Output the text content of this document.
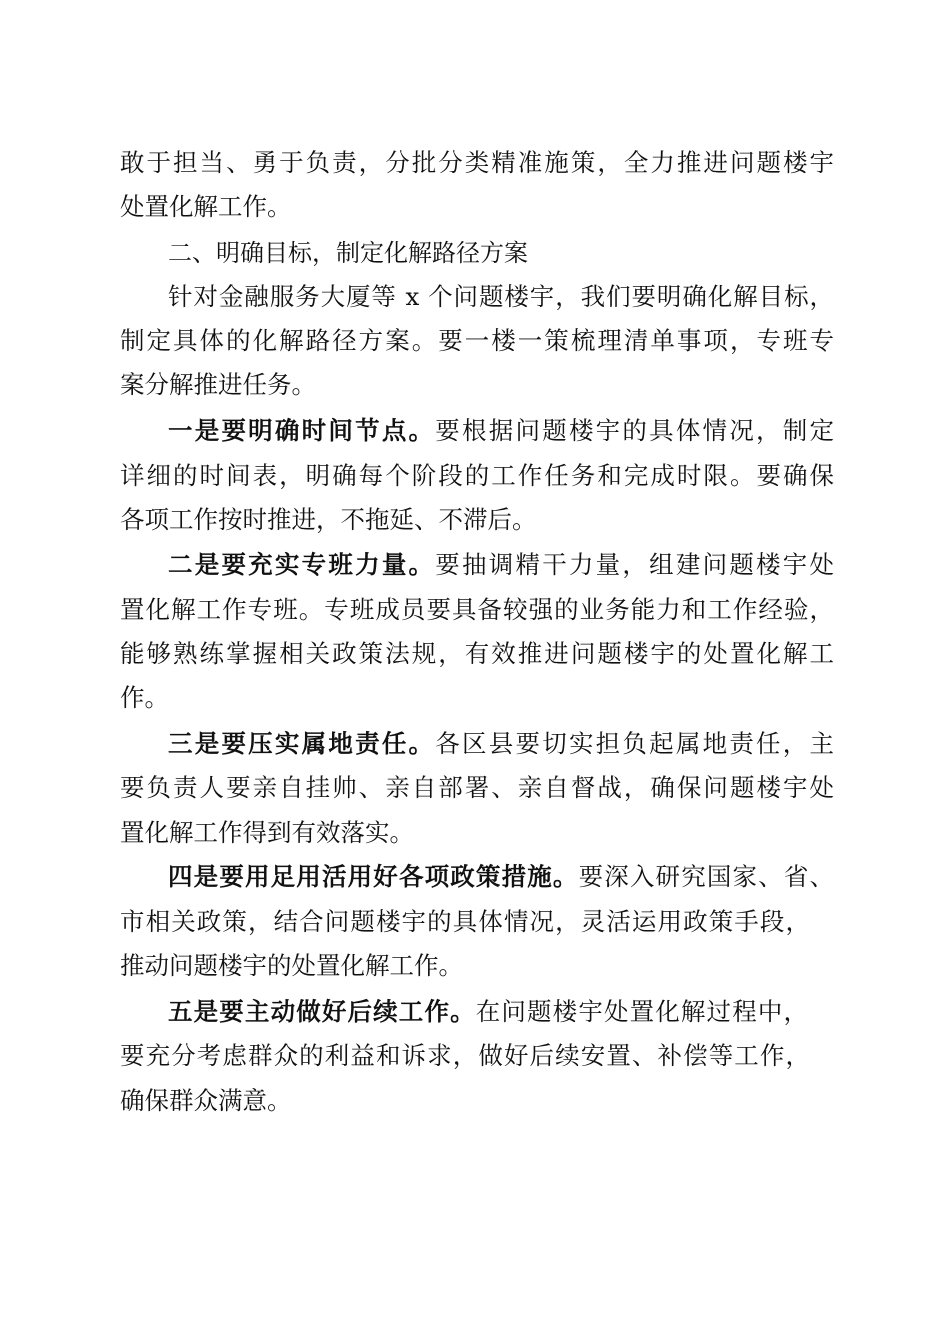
敢于担当、勇于负责，分批分类精准施策，全力推进问题楼宇
处置化解工作。
二、明确目标，制定化解路径方案
针对金融服务大厦等 x 个问题楼宇，我们要明确化解目标，
制定具体的化解路径方案。要一楼一策梳理清单事项，专班专
案分解推进任务。
一是要明确时间节点。要根据问题楼宇的具体情况，制定
详细的时间表，明确每个阶段的工作任务和完成时限。要确保
各项工作按时推进，不拖延、不滞后。
二是要充实专班力量。要抽调精干力量，组建问题楼宇处
置化解工作专班。专班成员要具备较强的业务能力和工作经验，
能够熟练掌握相关政策法规，有效推进问题楼宇的处置化解工
作。
三是要压实属地责任。各区县要切实担负起属地责任，主
要负责人要亲自挂帅、亲自部署、亲自督战，确保问题楼宇处
置化解工作得到有效落实。
四是要用足用活用好各项政策措施。要深入研究国家、省、
市相关政策，结合问题楼宇的具体情况，灵活运用政策手段，
推动问题楼宇的处置化解工作。
五是要主动做好后续工作。在问题楼宇处置化解过程中，
要充分考虑群众的利益和诉求，做好后续安置、补偿等工作，
确保群众满意。
